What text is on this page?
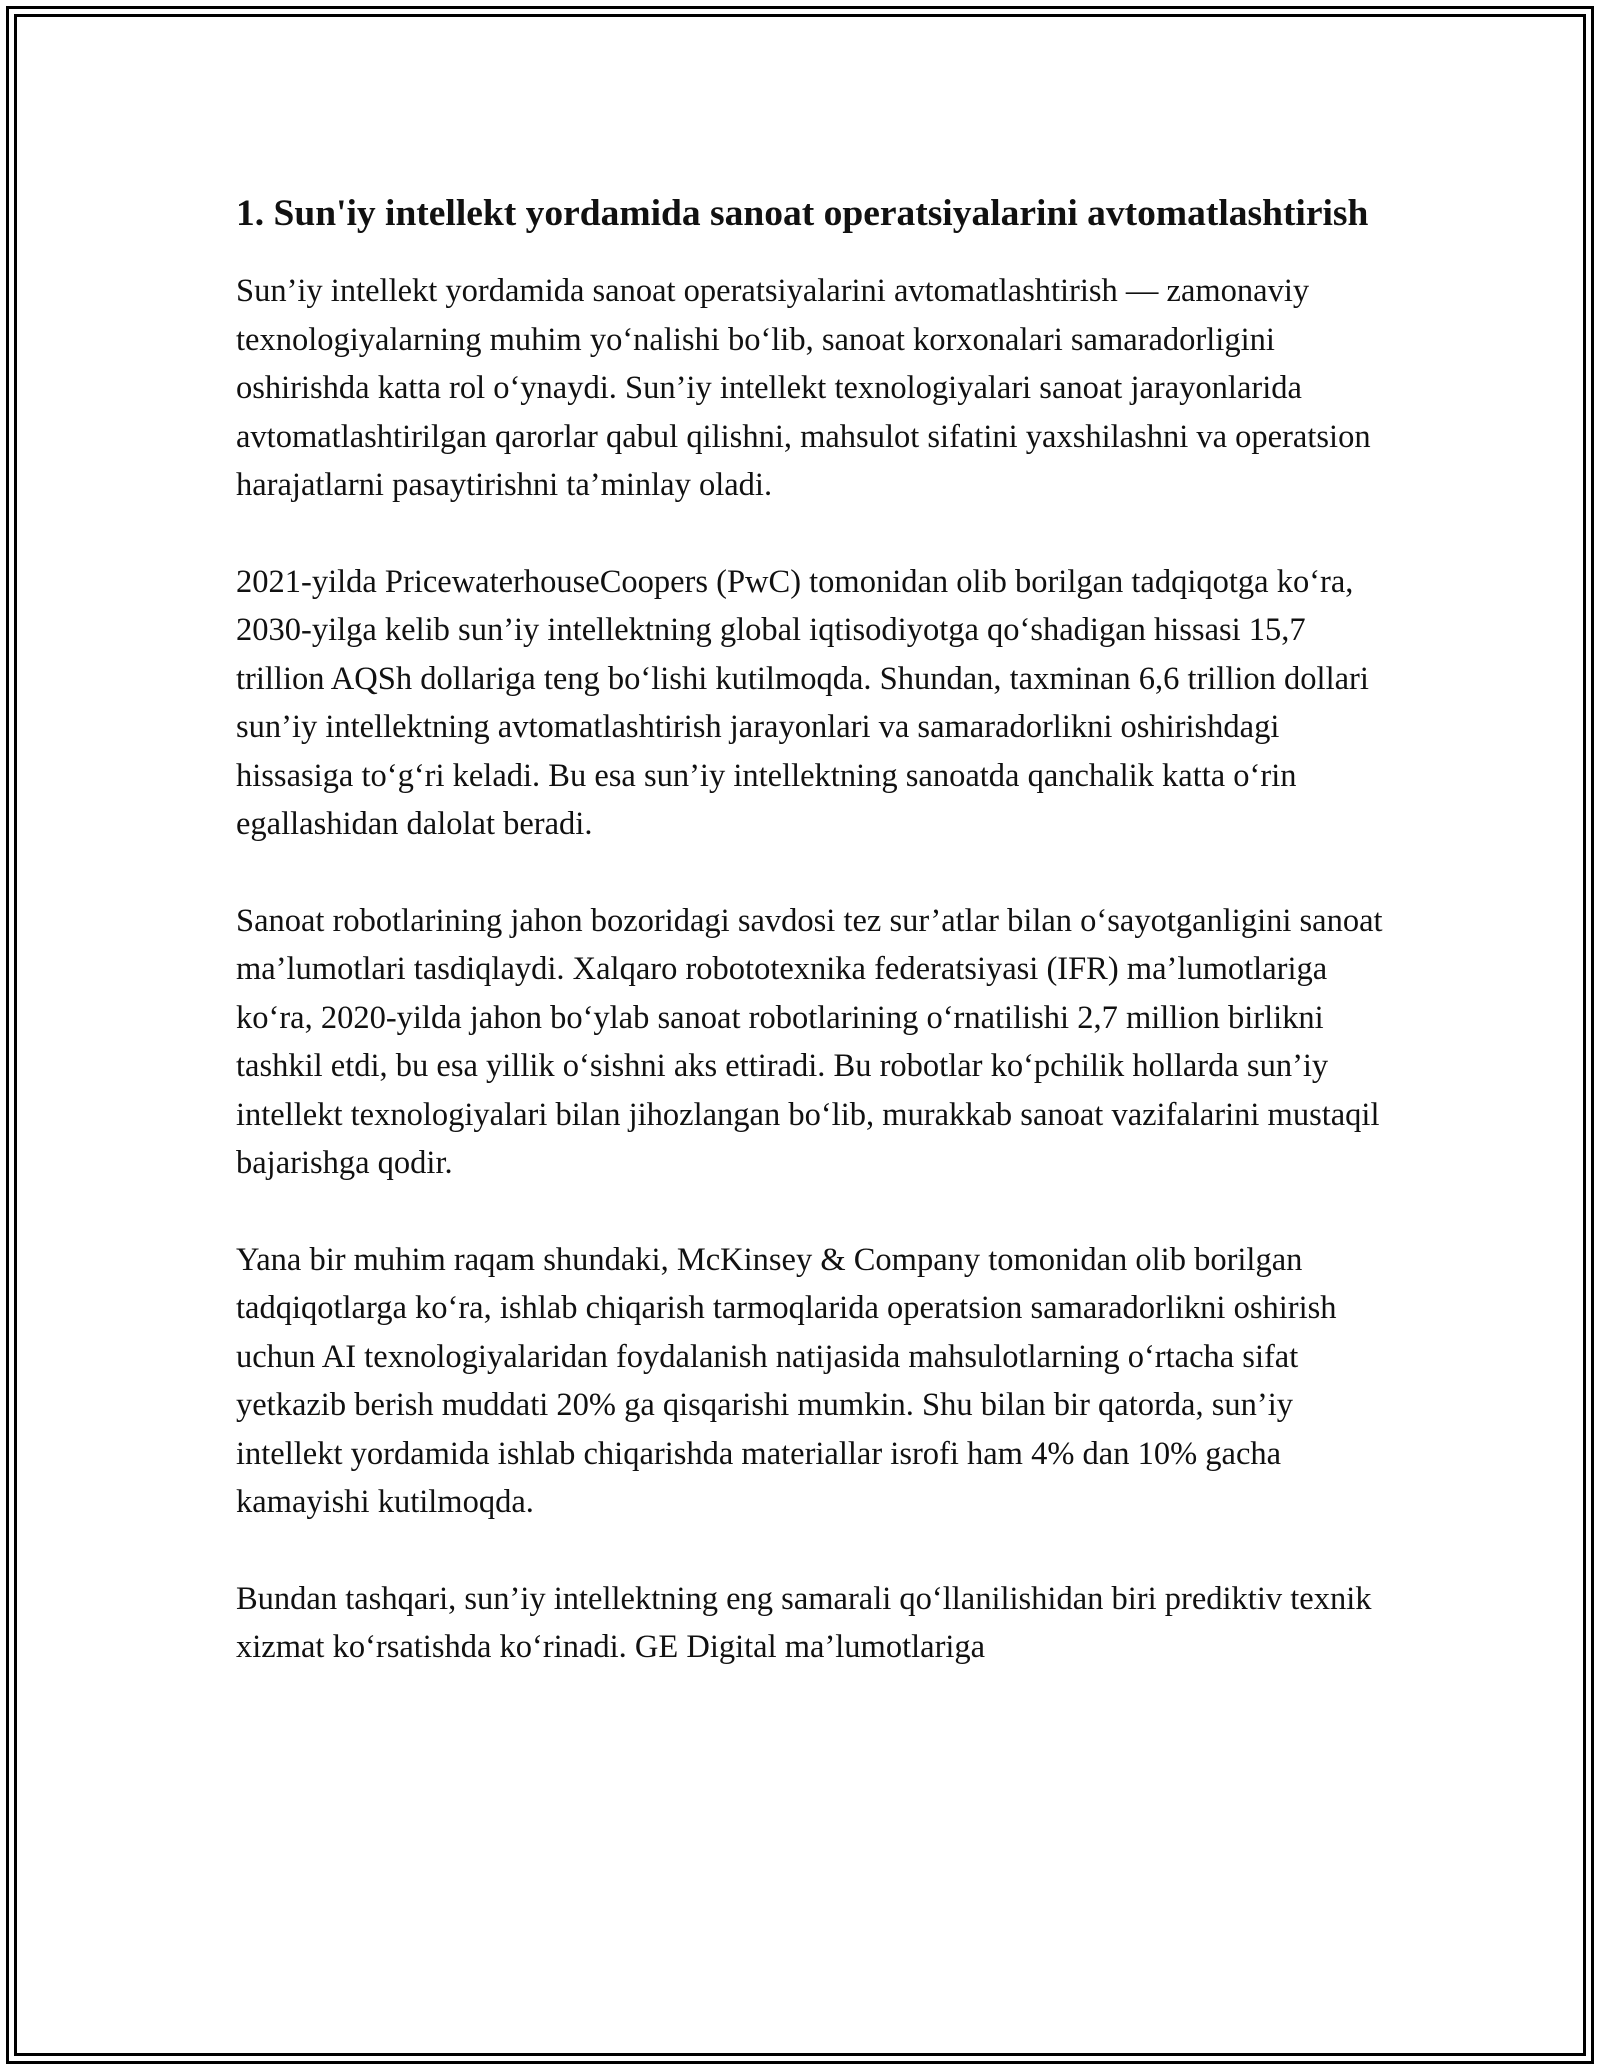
1. Sun'iy intellekt yordamida sanoat operatsiyalarini avtomatlashtirish

Sun’iy intellekt yordamida sanoat operatsiyalarini avtomatlashtirish — zamonaviy texnologiyalarning muhim yo‘nalishi bo‘lib, sanoat korxonalari samaradorligini oshirishda katta rol o‘ynaydi. Sun’iy intellekt texnologiyalari sanoat jarayonlarida avtomatlashtirilgan qarorlar qabul qilishni, mahsulot sifatini yaxshilashni va operatsion harajatlarni pasaytirishni ta’minlay oladi.

2021-yilda PricewaterhouseCoopers (PwC) tomonidan olib borilgan tadqiqotga ko‘ra, 2030-yilga kelib sun’iy intellektning global iqtisodiyotga qo‘shadigan hissasi 15,7 trillion AQSh dollariga teng bo‘lishi kutilmoqda. Shundan, taxminan 6,6 trillion dollari sun’iy intellektning avtomatlashtirish jarayonlari va samaradorlikni oshirishdagi hissasiga to‘g‘ri keladi. Bu esa sun’iy intellektning sanoatda qanchalik katta o‘rin egallashidan dalolat beradi.

Sanoat robotlarining jahon bozoridagi savdosi tez sur’atlar bilan o‘sayotganligini sanoat ma’lumotlari tasdiqlaydi. Xalqaro robototexnika federatsiyasi (IFR) ma’lumotlariga ko‘ra, 2020-yilda jahon bo‘ylab sanoat robotlarining o‘rnatilishi 2,7 million birlikni tashkil etdi, bu esa yillik o‘sishni aks ettiradi. Bu robotlar ko‘pchilik hollarda sun’iy intellekt texnologiyalari bilan jihozlangan bo‘lib, murakkab sanoat vazifalarini mustaqil bajarishga qodir.

Yana bir muhim raqam shundaki, McKinsey & Company tomonidan olib borilgan tadqiqotlarga ko‘ra, ishlab chiqarish tarmoqlarida operatsion samaradorlikni oshirish uchun AI texnologiyalaridan foydalanish natijasida mahsulotlarning o‘rtacha sifat yetkazib berish muddati 20% ga qisqarishi mumkin. Shu bilan bir qatorda, sun’iy intellekt yordamida ishlab chiqarishda materiallar isrofi ham 4% dan 10% gacha kamayishi kutilmoqda.

Bundan tashqari, sun’iy intellektning eng samarali qo‘llanilishidan biri prediktiv texnik xizmat ko‘rsatishda ko‘rinadi. GE Digital ma’lumotlariga
